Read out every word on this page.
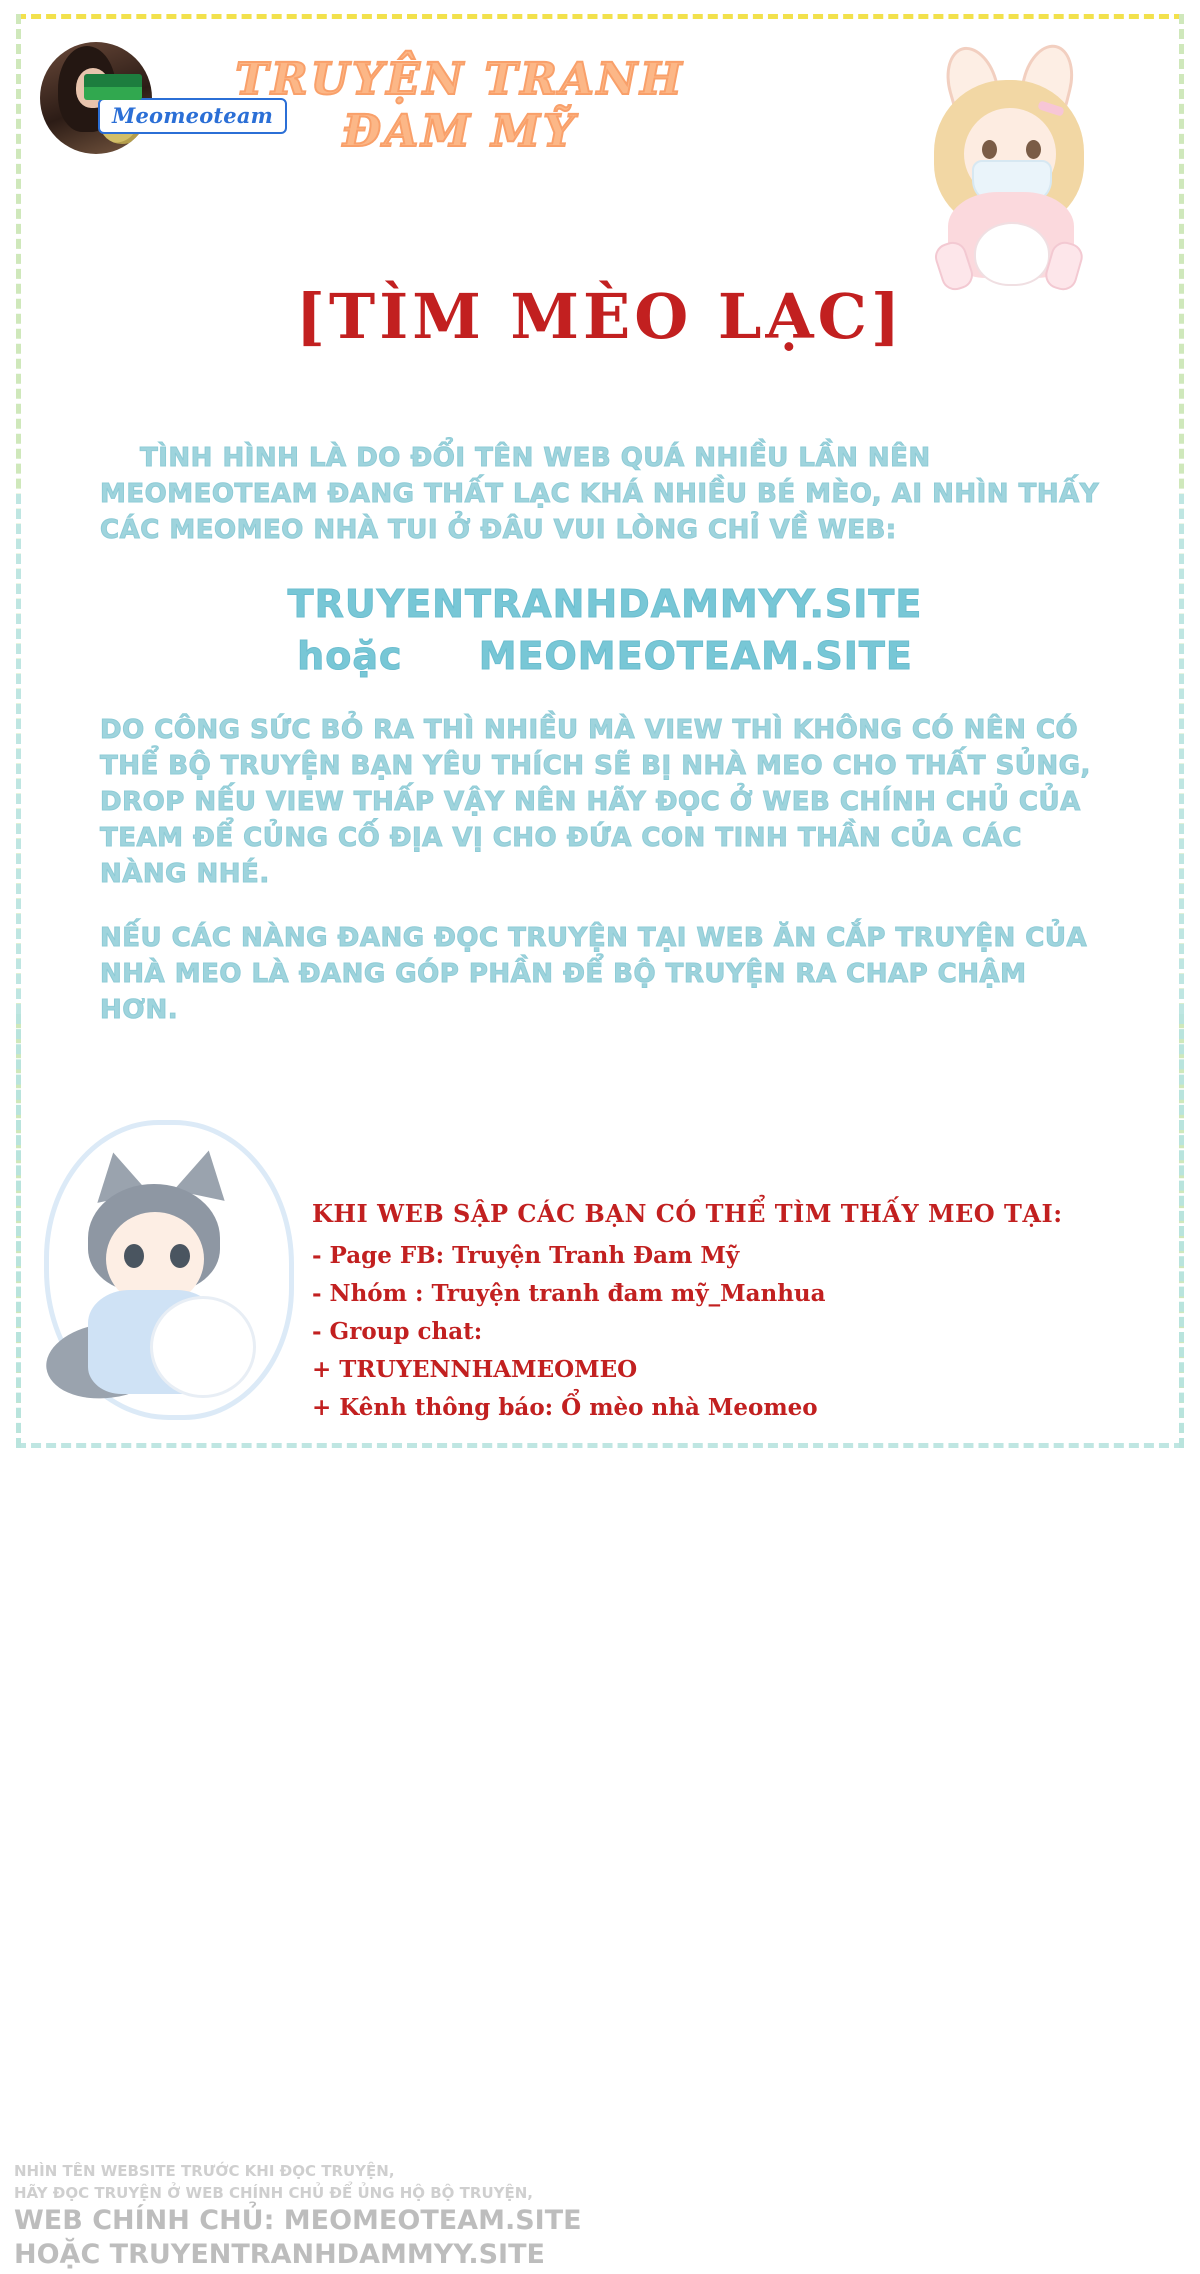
Meomeoteam
TRUYỆN TRANH
ĐAM MỸ
[TÌM MÈO LẠC]
TÌNH HÌNH LÀ DO ĐỔI TÊN WEB QUÁ NHIỀU LẦN NÊN MEOMEOTEAM ĐANG THẤT LẠC KHÁ NHIỀU BÉ MÈO, AI NHÌN THẤY CÁC MEOMEO NHÀ TUI Ở ĐÂU VUI LÒNG CHỈ VỀ WEB:
TRUYENTRANHDAMMYY.SITE
hoặc MEOMEOTEAM.SITE
DO CÔNG SỨC BỎ RA THÌ NHIỀU MÀ VIEW THÌ KHÔNG CÓ NÊN CÓ THỂ BỘ TRUYỆN BẠN YÊU THÍCH SẼ BỊ NHÀ MEO CHO THẤT SỦNG, DROP NẾU VIEW THẤP VẬY NÊN HÃY ĐỌC Ở WEB CHÍNH CHỦ CỦA TEAM ĐỂ CỦNG CỐ ĐỊA VỊ CHO ĐỨA CON TINH THẦN CỦA CÁC NÀNG NHÉ.
NẾU CÁC NÀNG ĐANG ĐỌC TRUYỆN TẠI WEB ĂN CẮP TRUYỆN CỦA NHÀ MEO LÀ ĐANG GÓP PHẦN ĐỂ BỘ TRUYỆN RA CHAP CHẬM HƠN.
KHI WEB SẬP CÁC BẠN CÓ THỂ TÌM THẤY MEO TẠI:
- Page FB: Truyện Tranh Đam Mỹ
- Nhóm : Truyện tranh đam mỹ_Manhua
- Group chat:
+ TRUYENNHAMEOMEO
+ Kênh thông báo: Ổ mèo nhà Meomeo
NHÌN TÊN WEBSITE TRƯỚC KHI ĐỌC TRUYỆN,
HÃY ĐỌC TRUYỆN Ở WEB CHÍNH CHỦ ĐỂ ỦNG HỘ BỘ TRUYỆN,
WEB CHÍNH CHỦ: MEOMEOTEAM.SITE
HOẶC TRUYENTRANHDAMMYY.SITE
